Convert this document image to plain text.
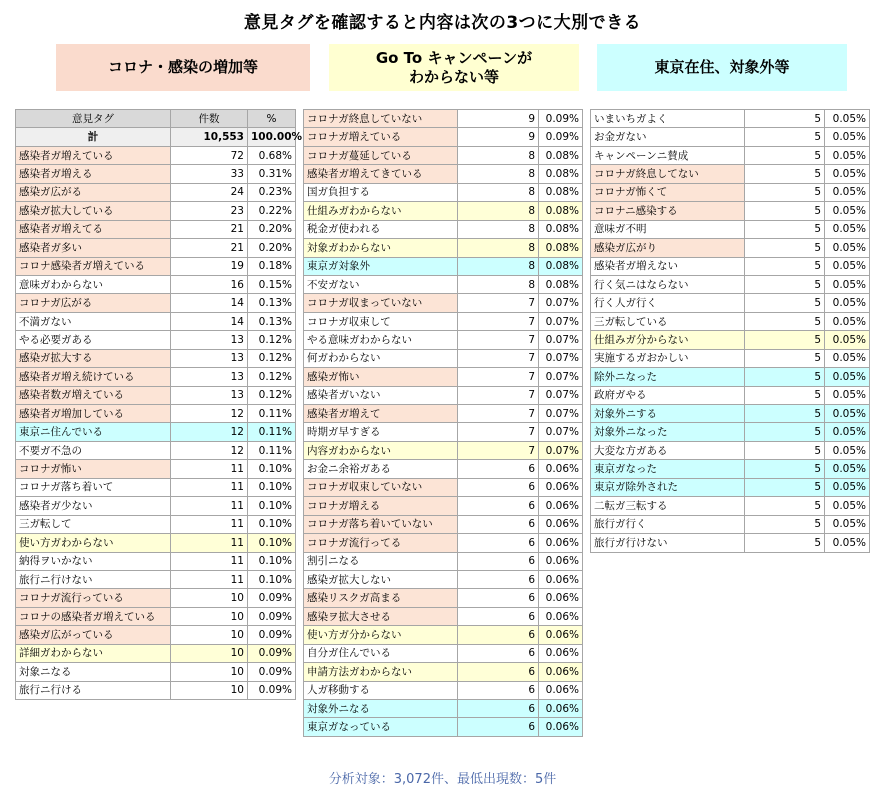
意見タグを確認すると内容は次の3つに大別できる
コロナ・感染の増加等
Go To キャンペーンが
わからない等
東京在住、対象外等
意見タグ	件数	%
計	10,553	100.00%
感染者ガ増えている	72	0.68%
感染者ガ増える	33	0.31%
感染ガ広がる	24	0.23%
感染ガ拡大している	23	0.22%
感染者ガ増えてる	21	0.20%
感染者ガ多い	21	0.20%
コロナ感染者ガ増えている	19	0.18%
意味ガわからない	16	0.15%
コロナガ広がる	14	0.13%
不満ガない	14	0.13%
やる必要ガある	13	0.12%
感染ガ拡大する	13	0.12%
感染者ガ増え続けている	13	0.12%
感染者数ガ増えている	13	0.12%
感染者ガ増加している	12	0.11%
東京ニ住んでいる	12	0.11%
不要ガ不急の	12	0.11%
コロナガ怖い	11	0.10%
コロナガ落ち着いて	11	0.10%
感染者ガ少ない	11	0.10%
三ガ転して	11	0.10%
使い方ガわからない	11	0.10%
納得ヲいかない	11	0.10%
旅行ニ行けない	11	0.10%
コロナガ流行っている	10	0.09%
コロナの感染者ガ増えている	10	0.09%
感染ガ広がっている	10	0.09%
詳細ガわからない	10	0.09%
対象ニなる	10	0.09%
旅行ニ行ける	10	0.09%
コロナガ終息していない	9	0.09%
コロナガ増えている	9	0.09%
コロナガ蔓延している	8	0.08%
感染者ガ増えてきている	8	0.08%
国ガ負担する	8	0.08%
仕組みガわからない	8	0.08%
税金ガ使われる	8	0.08%
対象ガわからない	8	0.08%
東京ガ対象外	8	0.08%
不安ガない	8	0.08%
コロナガ収まっていない	7	0.07%
コロナガ収束して	7	0.07%
やる意味ガわからない	7	0.07%
何ガわからない	7	0.07%
感染ガ怖い	7	0.07%
感染者ガいない	7	0.07%
感染者ガ増えて	7	0.07%
時期ガ早すぎる	7	0.07%
内容ガわからない	7	0.07%
お金ニ余裕ガある	6	0.06%
コロナガ収束していない	6	0.06%
コロナガ増える	6	0.06%
コロナガ落ち着いていない	6	0.06%
コロナガ流行ってる	6	0.06%
割引ニなる	6	0.06%
感染ガ拡大しない	6	0.06%
感染リスクガ高まる	6	0.06%
感染ヲ拡大させる	6	0.06%
使い方ガ分からない	6	0.06%
自分ガ住んでいる	6	0.06%
申請方法ガわからない	6	0.06%
人ガ移動する	6	0.06%
対象外ニなる	6	0.06%
東京ガなっている	6	0.06%
いまいちガよく	5	0.05%
お金ガない	5	0.05%
キャンペーンニ賛成	5	0.05%
コロナガ終息してない	5	0.05%
コロナガ怖くて	5	0.05%
コロナニ感染する	5	0.05%
意味ガ不明	5	0.05%
感染ガ広がり	5	0.05%
感染者ガ増えない	5	0.05%
行く気ニはならない	5	0.05%
行く人ガ行く	5	0.05%
三ガ転している	5	0.05%
仕組みガ分からない	5	0.05%
実施するガおかしい	5	0.05%
除外ニなった	5	0.05%
政府ガやる	5	0.05%
対象外ニする	5	0.05%
対象外ニなった	5	0.05%
大変な方ガある	5	0.05%
東京ガなった	5	0.05%
東京ガ除外された	5	0.05%
二転ガ三転する	5	0.05%
旅行ガ行く	5	0.05%
旅行ガ行けない	5	0.05%
分析対象：3,072件、最低出現数：5件
